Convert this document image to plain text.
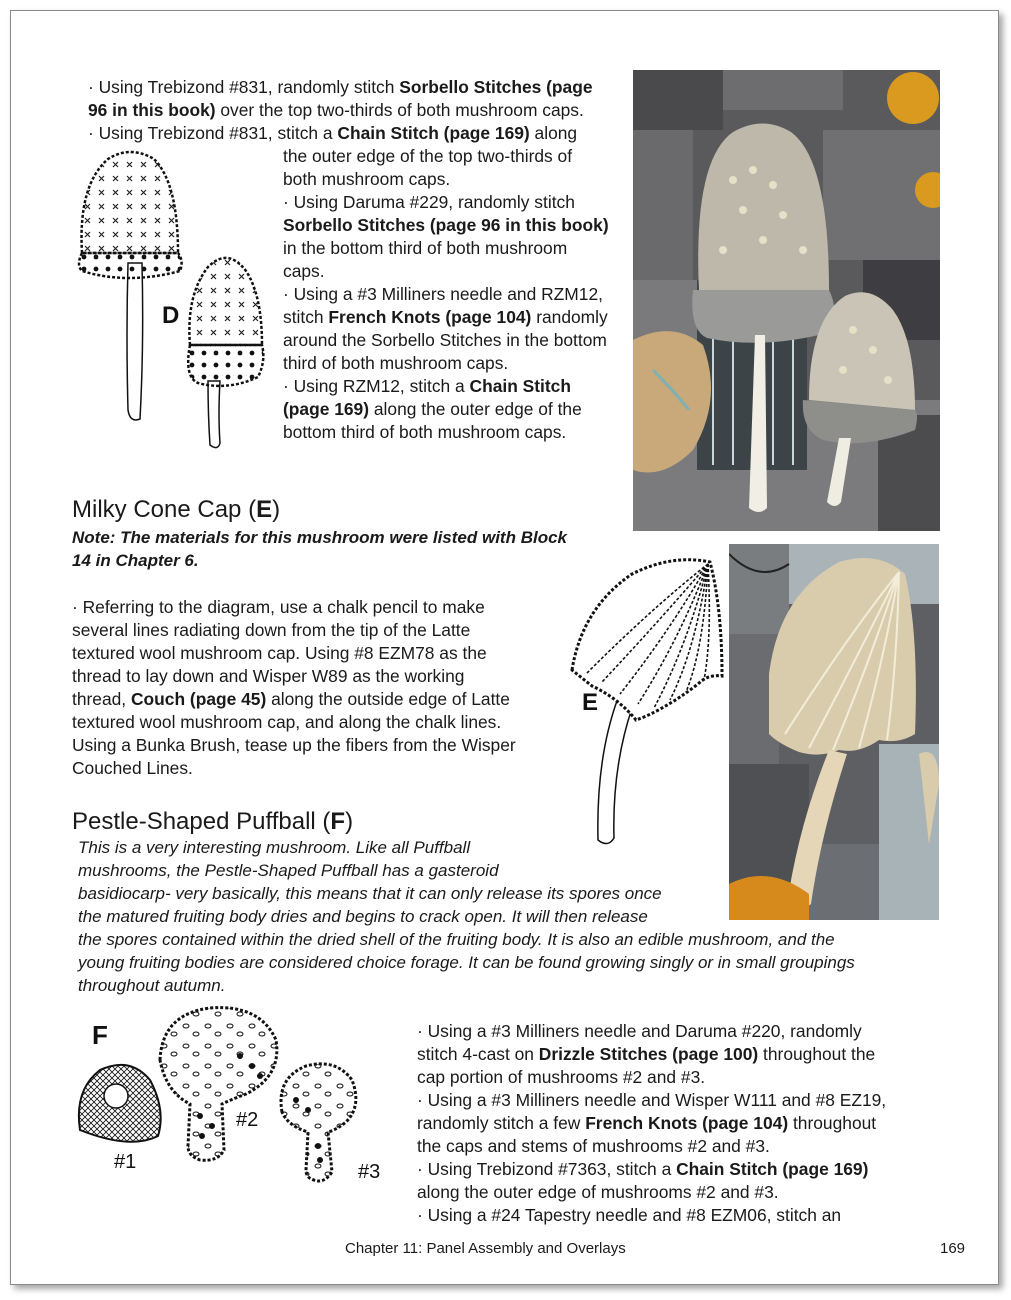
· Using Trebizond #831, randomly stitch Sorbello Stitches (page

96 in this book) over the top two-thirds of both mushroom caps.

· Using Trebizond #831, stitch a Chain Stitch (page 169) along

the outer edge of the top two-thirds of

both mushroom caps.

· Using Daruma #229, randomly stitch

Sorbello Stitches (page 96 in this book)

in the bottom third of both mushroom

caps.

· Using a #3 Milliners needle and RZM12,

stitch French Knots (page 104) randomly

around the Sorbello Stitches in the bottom

third of both mushroom caps.

· Using RZM12, stitch a Chain Stitch

(page 169) along the outer edge of the

bottom third of both mushroom caps.

D
Milky Cone Cap (E)
Note: The materials for this mushroom were listed with Block
14 in Chapter 6.

· Referring to the diagram, use a chalk pencil to make

several lines radiating down from the tip of the Latte

textured wool mushroom cap. Using #8 EZM78 as the

thread to lay down and Wisper W89 as the working

thread, Couch (page 45) along the outside edge of Latte

textured wool mushroom cap, and along the chalk lines.

Using a Bunka Brush, tease up the fibers from the Wisper

Couched Lines.

E
Pestle-Shaped Puffball (F)
This is a very interesting mushroom. Like all Puffball
mushrooms, the Pestle-Shaped Puffball has a gasteroid
basidiocarp- very basically, this means that it can only release its spores once
the matured fruiting body dries and begins to crack open. It will then release
the spores contained within the dried shell of the fruiting body. It is also an edible mushroom, and the
young fruiting bodies are considered choice forage. It can be found growing singly or in small groupings
throughout autumn.
F
#1
#2
#3

· Using a #3 Milliners needle and Daruma #220, randomly

stitch 4-cast on Drizzle Stitches (page 100) throughout the

cap portion of mushrooms #2 and #3.

· Using a #3 Milliners needle and Wisper W111 and #8 EZ19,

randomly stitch a few French Knots (page 104) throughout

the caps and stems of mushrooms #2 and #3.

· Using Trebizond #7363, stitch a Chain Stitch (page 169)

along the outer edge of mushrooms #2 and #3.

· Using a #24 Tapestry needle and #8 EZM06, stitch an

Chapter 11: Panel Assembly and Overlays	169
